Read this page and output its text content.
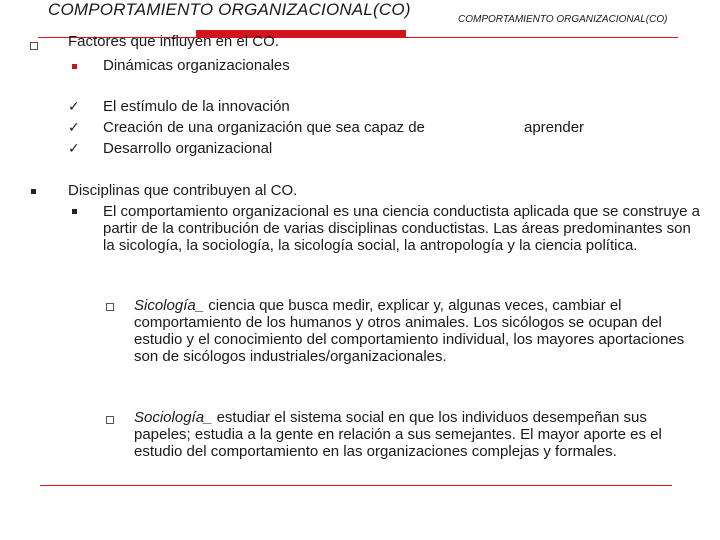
COMPORTAMIENTO ORGANIZACIONAL(CO)
COMPORTAMIENTO ORGANIZACIONAL(CO)
Factores que influyen en el CO.
Dinámicas organizacionales
✓ El estímulo de la innovación
✓ Creación de una organización que sea capaz de	aprender
✓ Desarrollo organizacional
Disciplinas que contribuyen al CO.
El comportamiento organizacional es una ciencia conductista aplicada que se construye a partir de la contribución de varias disciplinas conductistas. Las áreas predominantes son la sicología, la sociología, la sicología social, la antropología y la ciencia política.
Sicología_ ciencia que busca medir, explicar y, algunas veces, cambiar el comportamiento de los humanos y otros animales. Los sicólogos se ocupan del estudio y el conocimiento del comportamiento individual, los mayores aportaciones son de sicólogos industriales/organizacionales.
Sociología_ estudiar el sistema social en que los individuos desempeñan sus papeles; estudia a la gente en relación a sus semejantes. El mayor aporte es el estudio del comportamiento en las organizaciones complejas y formales.
